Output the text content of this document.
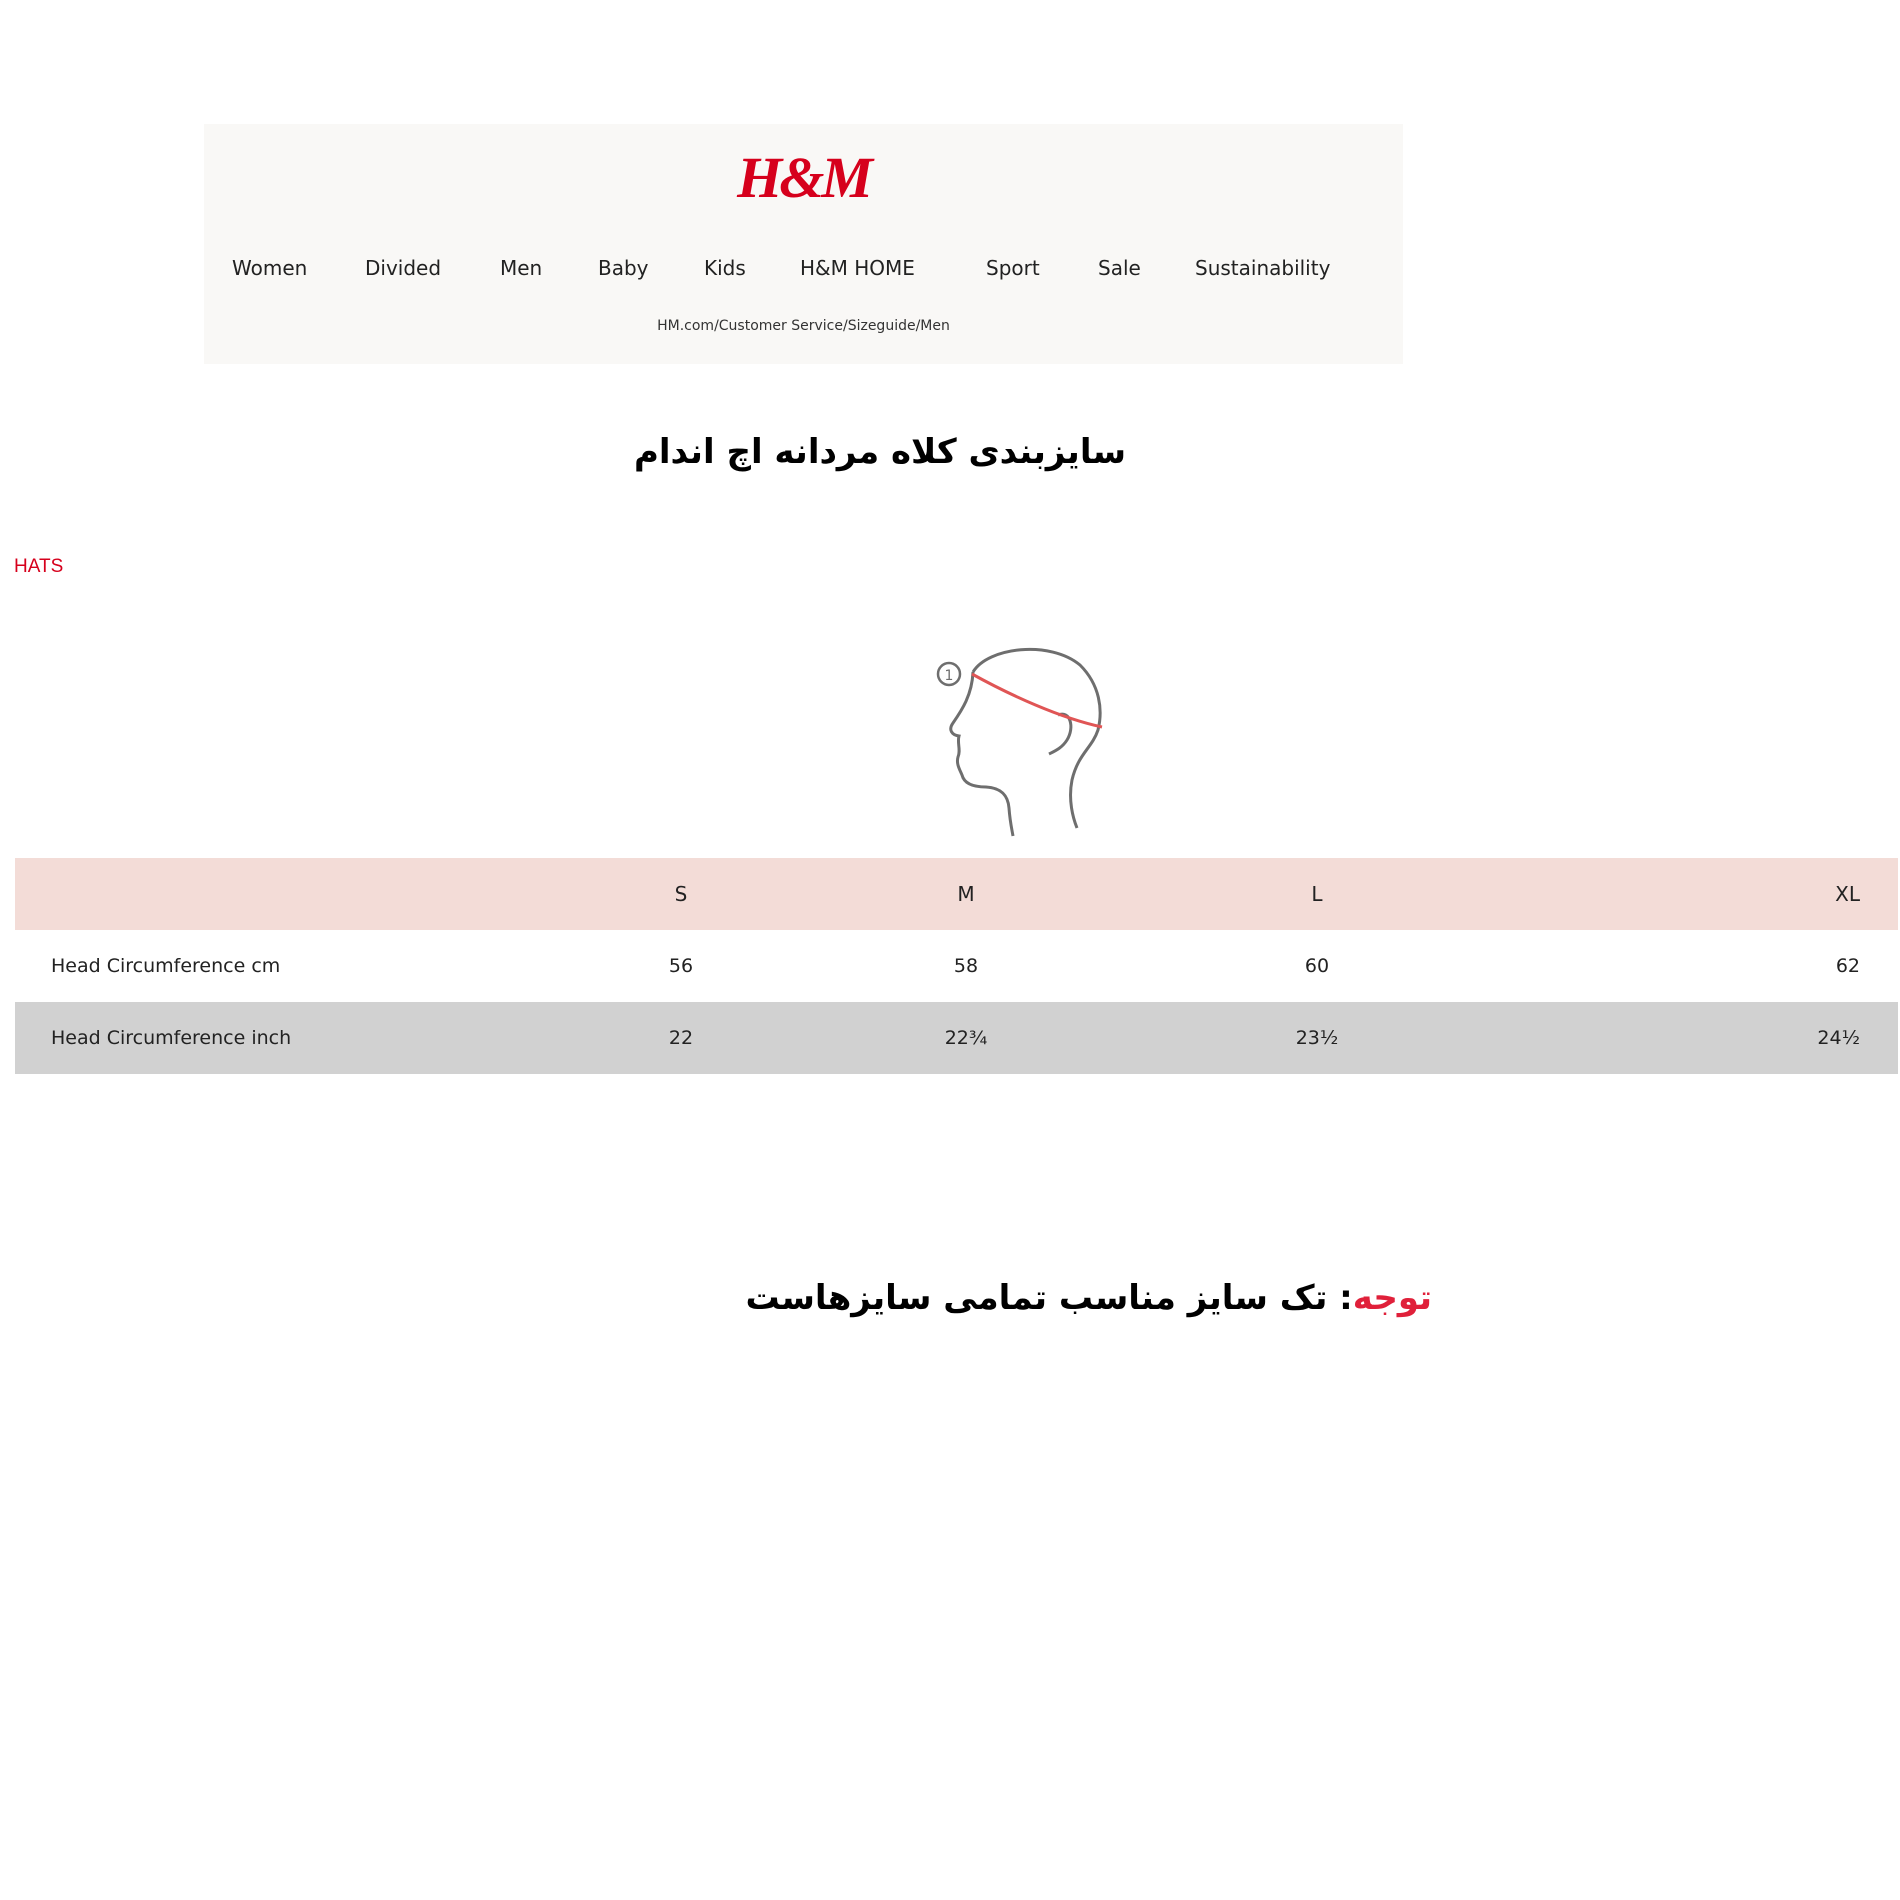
H&M
Women	Divided	Men	Baby	Kids	H&M HOME	Sport	Sale	Sustainability
HM.com/Customer Service/Sizeguide/Men
سایزبندی کلاه مردانه اچ اندام
HATS
1
	S	M	L	XL
Head Circumference cm	56	58	60	62
Head Circumference inch	22	22¾	23½	24½
توجه: تک سایز مناسب تمامی سایزهاست
